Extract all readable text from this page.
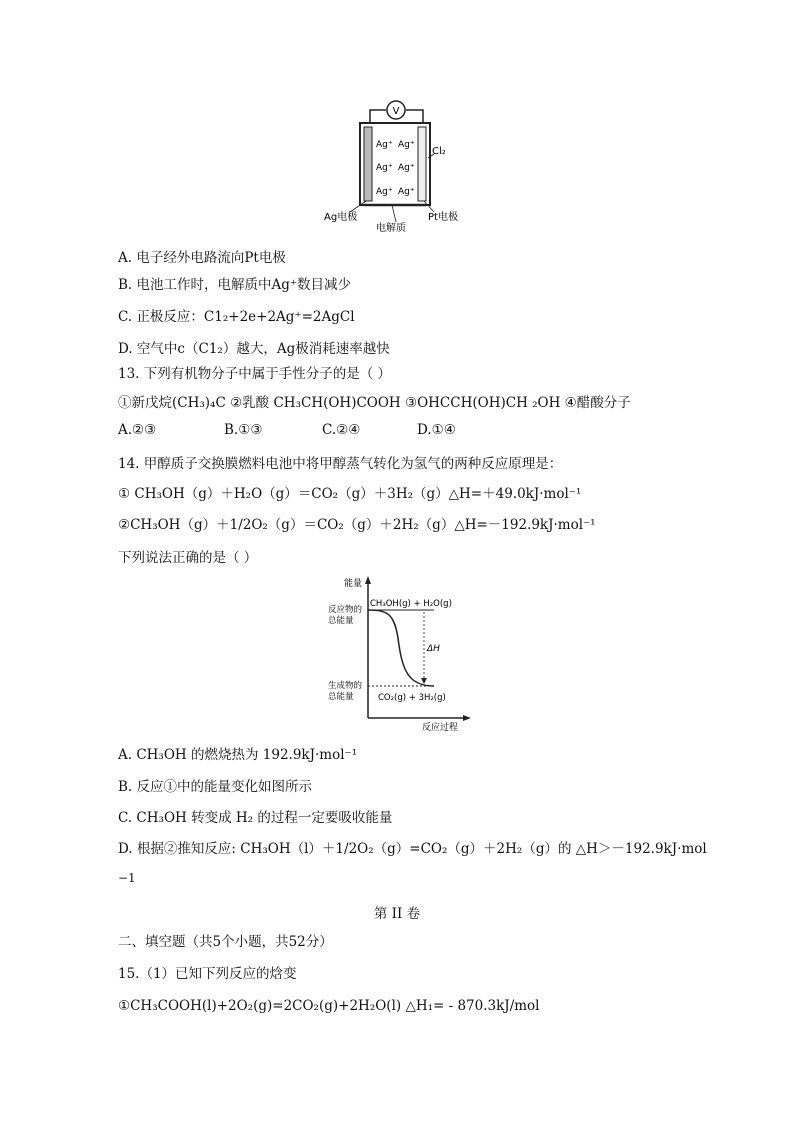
V
Ag⁺ Ag⁺
Ag⁺ Ag⁺
Ag⁺ Ag⁺
Cl₂
Ag电极
电解质
Pt电极
A. 电子经外电路流向Pt电极
B. 电池工作时，电解质中Ag⁺数目减少
C. 正极反应：C1₂+2e+2Ag⁺=2AgCl
D. 空气中c（C1₂）越大，Ag极消耗速率越快
13. 下列有机物分子中属于手性分子的是（ ）
①新戊烷(CH₃)₄C ②乳酸 CH₃CH(OH)COOH ③OHCCH(OH)CH ₂OH ④醋酸分子
A.②③	B.①③	C.②④	D.①④
14. 甲醇质子交换膜燃料电池中将甲醇蒸气转化为氢气的两种反应原理是：
① CH₃OH（g）＋H₂O（g）＝CO₂（g）＋3H₂（g）△H=＋49.0kJ·mol⁻¹
②CH₃OH（g）＋1/2O₂（g）＝CO₂（g）＋2H₂（g）△H=－192.9kJ·mol⁻¹
下列说法正确的是（ ）
能量
反应过程
反应物的
总能量
CH₃OH(g) + H₂O(g)
生成物的
总能量	CO₂(g) + 3H₂(g)
ΔH
A. CH₃OH 的燃烧热为 192.9kJ·mol⁻¹
B. 反应①中的能量变化如图所示
C. CH₃OH 转变成 H₂ 的过程一定要吸收能量
D. 根据②推知反应: CH₃OH（l）＋1/2O₂（g）=CO₂（g）＋2H₂（g）的 △H＞－192.9kJ·mol
−1
第 II 卷
二、填空题（共5个小题，共52分）
15.（1）已知下列反应的焓变
①CH₃COOH(l)+2O₂(g)=2CO₂(g)+2H₂O(l) △H₁= - 870.3kJ/mol
